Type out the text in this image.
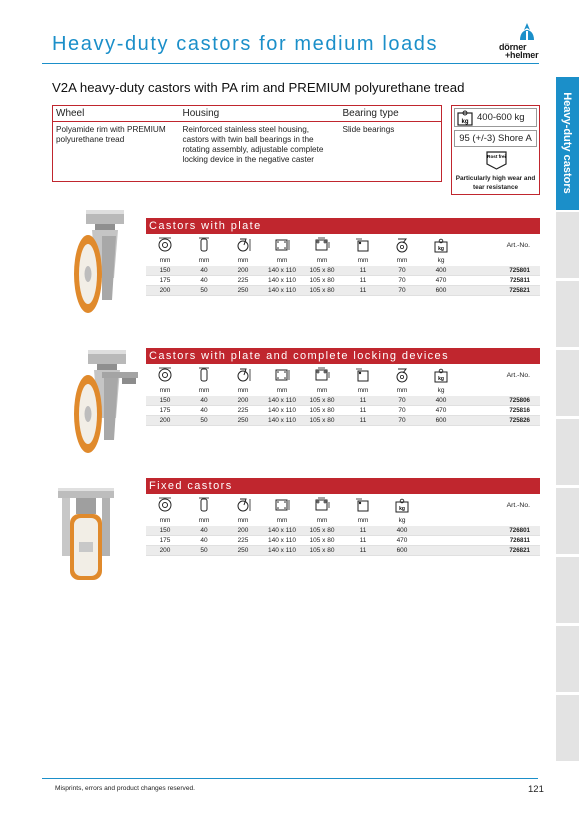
Heavy-duty castors for medium loads	dörner
+helmer
Heavy-duty castors
V2A heavy-duty castors with PA rim and PREMIUM polyurethane tread
Wheel	Housing	Bearing type
Polyamide rim with PREMIUM polyurethane tread	Reinforced stainless steel housing, castors with twin ball bearings in the rotating assembly, adjustable complete locking device in the negative caster	Slide bearings
kg 400-600 kg
95 (+/-3) Shore A
Rost frei
Particularly high wear and tear resistance
Castors with plate
kg	Art.-No.
mm	mm	mm	mm	mm	mm	mm	kg
150	40	200	140 x 110 105 x 80	11	70	400	725801
175	40	225	140 x 110 105 x 80	11	70	470	725811
200	50	250	140 x 110 105 x 80	11	70	600	725821
Castors with plate and complete locking devices
kg	Art.-No.
mm	mm	mm	mm	mm	mm	mm	kg
150	40	200	140 x 110 105 x 80	11	70	400	725806
175	40	225	140 x 110 105 x 80	11	70	470	725816
200	50	250	140 x 110 105 x 80	11	70	600	725826
Fixed castors
kg	Art.-No.
mm	mm	mm	mm	mm	mm	kg
150	40	200	140 x 110 105 x 80	11	400	726801
175	40	225	140 x 110 105 x 80	11	470	726811
200	50	250	140 x 110 105 x 80	11	600	726821
Misprints, errors and product changes reserved.	121
